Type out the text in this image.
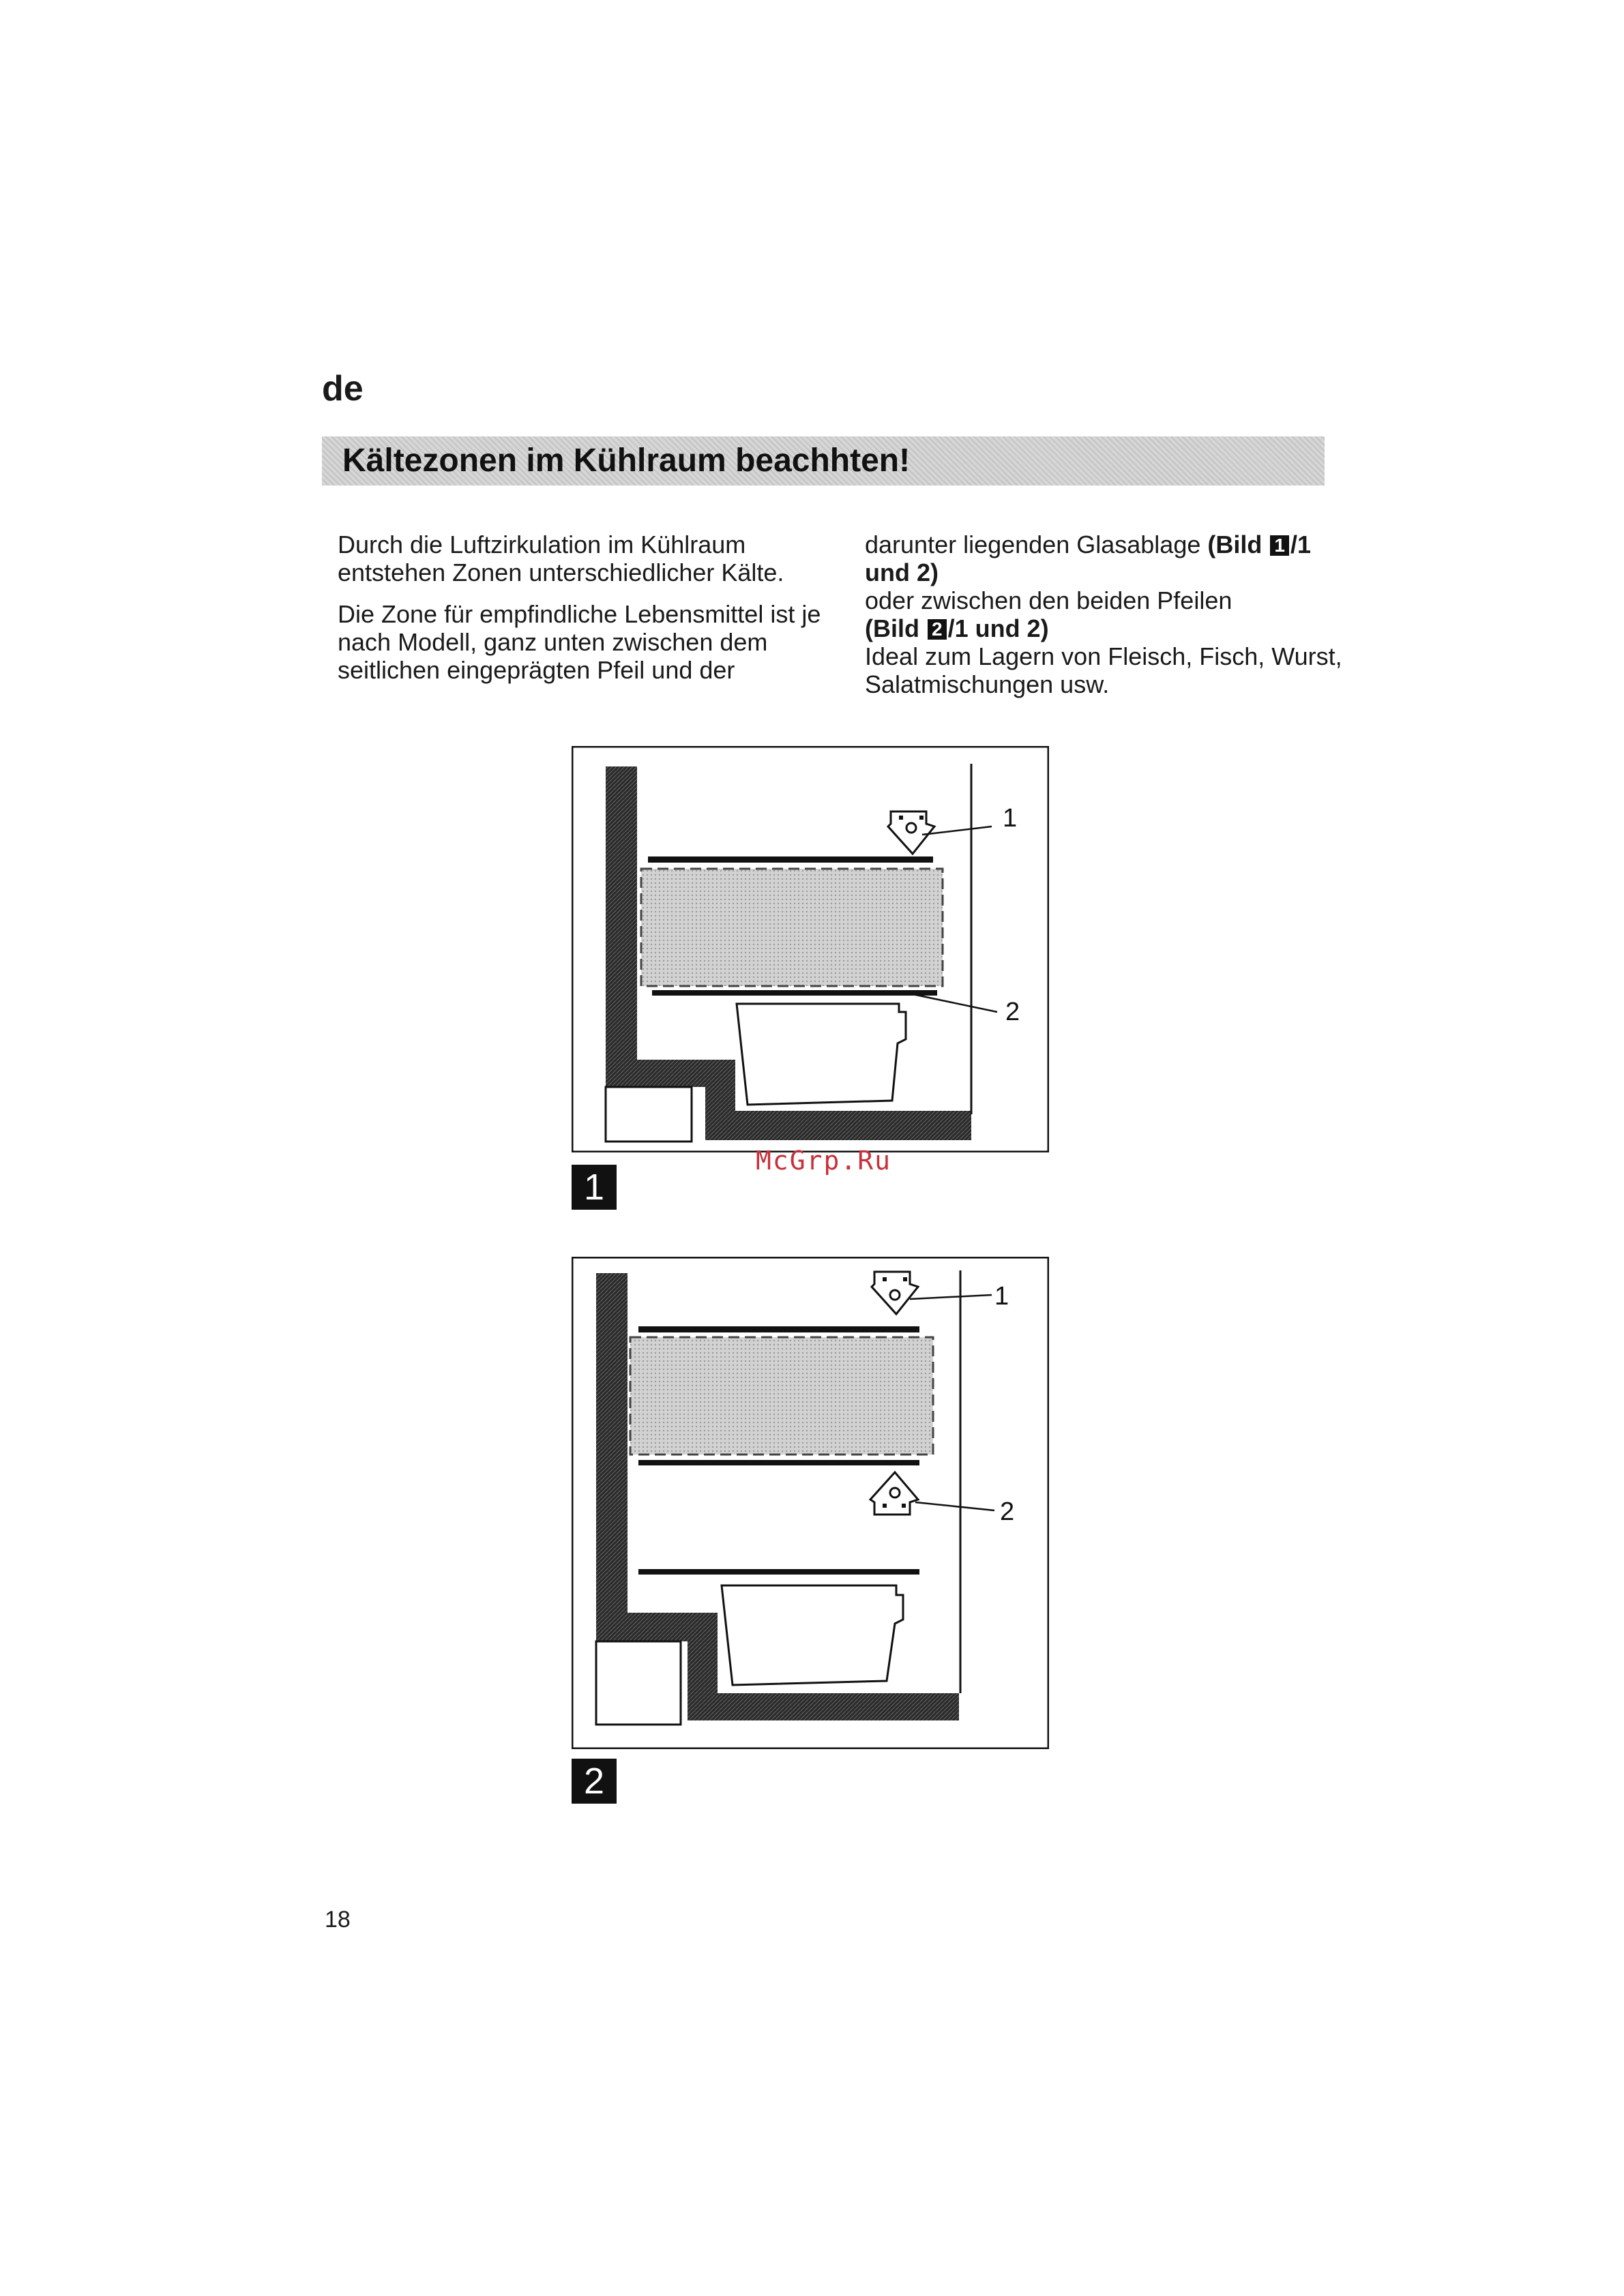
de
Kältezonen im Kühlraum beachhten!

Durch die Luftzirkulation im Kühlraum entstehen Zonen unterschiedlicher Kälte.

Die Zone für empfindliche Lebensmittel ist je nach Modell, ganz unten zwischen dem seitlichen eingeprägten Pfeil und der

darunter liegenden Glasablage (Bild 1 /1 und 2)
oder zwischen den beiden Pfeilen
(Bild 2 /1 und 2)
Ideal zum Lagern von Fleisch, Fisch, Wurst, Salatmischungen usw.
1
2
1
McGrp.Ru
1
2
2
18
